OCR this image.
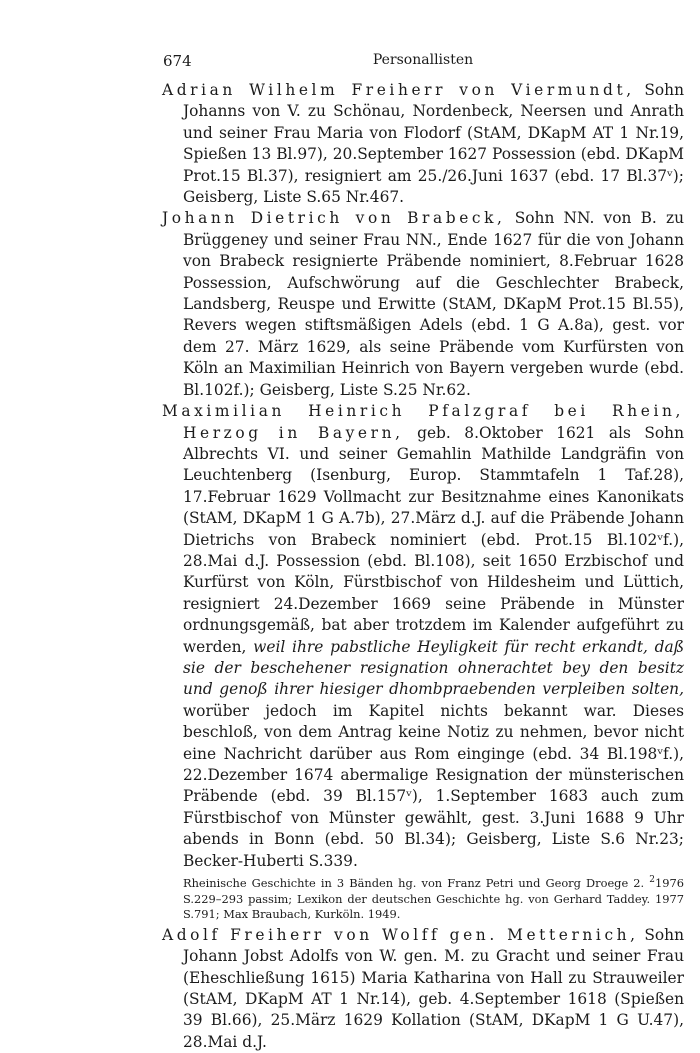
674	Personallisten

Adrian Wilhelm Freiherr von Viermundt, Sohn Johanns von V. zu Schönau, Nordenbeck, Neersen und Anrath und seiner Frau Maria von Flodorf (StAM, DKapM AT 1 Nr.19, Spießen 13 Bl.97), 20.September 1627 Possession (ebd. DKapM Prot.15 Bl.37), resigniert am 25./26.Juni 1637 (ebd. 17 Bl.37ᵛ); Geisberg, Liste S.65 Nr.467.

Johann Dietrich von Brabeck, Sohn NN. von B. zu Brüggeney und seiner Frau NN., Ende 1627 für die von Johann von Brabeck resignierte Präbende nominiert, 8.Februar 1628 Possession, Aufschwörung auf die Geschlechter Brabeck, Landsberg, Reuspe und Erwitte (StAM, DKapM Prot.15 Bl.55), Revers wegen stiftsmäßigen Adels (ebd. 1 G A.8a), gest. vor dem 27. März 1629, als seine Präbende vom Kurfürsten von Köln an Maximilian Heinrich von Bayern vergeben wurde (ebd. Bl.102f.); Geisberg, Liste S.25 Nr.62.

Maximilian Heinrich Pfalzgraf bei Rhein, Herzog in Bayern, geb. 8.Oktober 1621 als Sohn Albrechts VI. und seiner Gemahlin Mathilde Landgräfin von Leuchtenberg (Isenburg, Europ. Stammtafeln 1 Taf.28), 17.Februar 1629 Vollmacht zur Besitznahme eines Kanonikats (StAM, DKapM 1 G A.7b), 27.März d.J. auf die Präbende Johann Dietrichs von Brabeck nominiert (ebd. Prot.15 Bl.102ᵛf.), 28.Mai d.J. Possession (ebd. Bl.108), seit 1650 Erzbischof und Kurfürst von Köln, Fürstbischof von Hildesheim und Lüttich, resigniert 24.Dezember 1669 seine Präbende in Münster ordnungsgemäß, bat aber trotzdem im Kalender aufgeführt zu werden, weil ihre pabstliche Heyligkeit für recht erkandt, daß sie der beschehener resignation ohnerachtet bey den besitz und genoß ihrer hiesiger dhombpraebenden verpleiben solten, worüber jedoch im Kapitel nichts bekannt war. Dieses beschloß, von dem Antrag keine Notiz zu nehmen, bevor nicht eine Nachricht darüber aus Rom einginge (ebd. 34 Bl.198ᵛf.), 22.Dezember 1674 abermalige Resignation der münsterischen Präbende (ebd. 39 Bl.157ᵛ), 1.September 1683 auch zum Fürstbischof von Münster gewählt, gest. 3.Juni 1688 9 Uhr abends in Bonn (ebd. 50 Bl.34); Geisberg, Liste S.6 Nr.23; Becker-Huberti S.339.

Rheinische Geschichte in 3 Bänden hg. von Franz Petri und Georg Droege 2. $^2$1976 S.229–293 passim; Lexikon der deutschen Geschichte hg. von Gerhard Taddey. 1977 S.791; Max Braubach, Kurköln. 1949.

Adolf Freiherr von Wolff gen. Metternich, Sohn Johann Jobst Adolfs von W. gen. M. zu Gracht und seiner Frau (Eheschließung 1615) Maria Katharina von Hall zu Strauweiler (StAM, DKapM AT 1 Nr.14), geb. 4.September 1618 (Spießen 39 Bl.66), 25.März 1629 Kollation (StAM, DKapM 1 G U.47), 28.Mai d.J.
